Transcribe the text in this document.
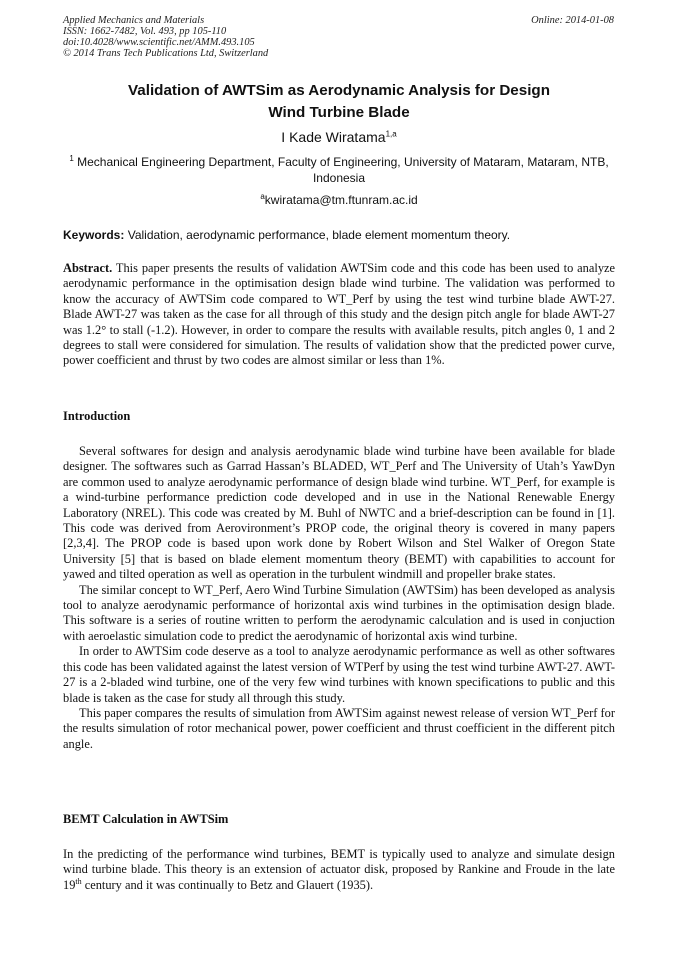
Applied Mechanics and Materials
ISSN: 1662-7482, Vol. 493, pp 105-110
doi:10.4028/www.scientific.net/AMM.493.105
© 2014 Trans Tech Publications Ltd, Switzerland
Online: 2014-01-08
Validation of AWTSim as Aerodynamic Analysis for Design
Wind Turbine Blade
I Kade Wiratama$^{1,a}$
$^1$ Mechanical Engineering Department, Faculty of Engineering, University of Mataram, Mataram, NTB, Indonesia
$^a$kwiratama@tm.ftunram.ac.id
Keywords: Validation, aerodynamic performance, blade element momentum theory.

Abstract. This paper presents the results of validation AWTSim code and this code has been used to analyze aerodynamic performance in the optimisation design blade wind turbine. The validation was performed to know the accuracy of AWTSim code compared to WT_Perf by using the test wind turbine blade AWT-27. Blade AWT-27 was taken as the case for all through of this study and the design pitch angle for blade AWT-27 was 1.2° to stall (-1.2). However, in order to compare the results with available results, pitch angles 0, 1 and 2 degrees to stall were considered for simulation. The results of validation show that the predicted power curve, power coefficient and thrust by two codes are almost similar or less than 1%.

Introduction

Several softwares for design and analysis aerodynamic blade wind turbine have been available for blade designer. The softwares such as Garrad Hassan’s BLADED, WT_Perf and The University of Utah’s YawDyn are common used to analyze aerodynamic performance of design blade wind turbine. WT_Perf, for example is a wind-turbine performance prediction code developed and in use in the National Renewable Energy Laboratory (NREL). This code was created by M. Buhl of NWTC and a brief-description can be found in [1]. This code was derived from Aerovironment’s PROP code, the original theory is covered in many papers [2,3,4]. The PROP code is based upon work done by Robert Wilson and Stel Walker of Oregon State University [5] that is based on blade element momentum theory (BEMT) with capabilities to account for yawed and tilted operation as well as operation in the turbulent windmill and propeller brake states.

The similar concept to WT_Perf, Aero Wind Turbine Simulation (AWTSim) has been developed as analysis tool to analyze aerodynamic performance of horizontal axis wind turbines in the optimisation design blade. This software is a series of routine written to perform the aerodynamic calculation and is used in conjuction with aeroelastic simulation code to predict the aerodynamic of horizontal axis wind turbine.

In order to AWTSim code deserve as a tool to analyze aerodynamic performance as well as other softwares this code has been validated against the latest version of WTPerf by using the test wind turbine AWT-27. AWT-27 is a 2-bladed wind turbine, one of the very few wind turbines with known specifications to public and this blade is taken as the case for study all through this study.

This paper compares the results of simulation from AWTSim against newest release of version WT_Perf for the results simulation of rotor mechanical power, power coefficient and thrust coefficient in the different pitch angle.

BEMT Calculation in AWTSim

In the predicting of the performance wind turbines, BEMT is typically used to analyze and simulate design wind turbine blade. This theory is an extension of actuator disk, proposed by Rankine and Froude in the late 19th century and it was continually to Betz and Glauert (1935).
